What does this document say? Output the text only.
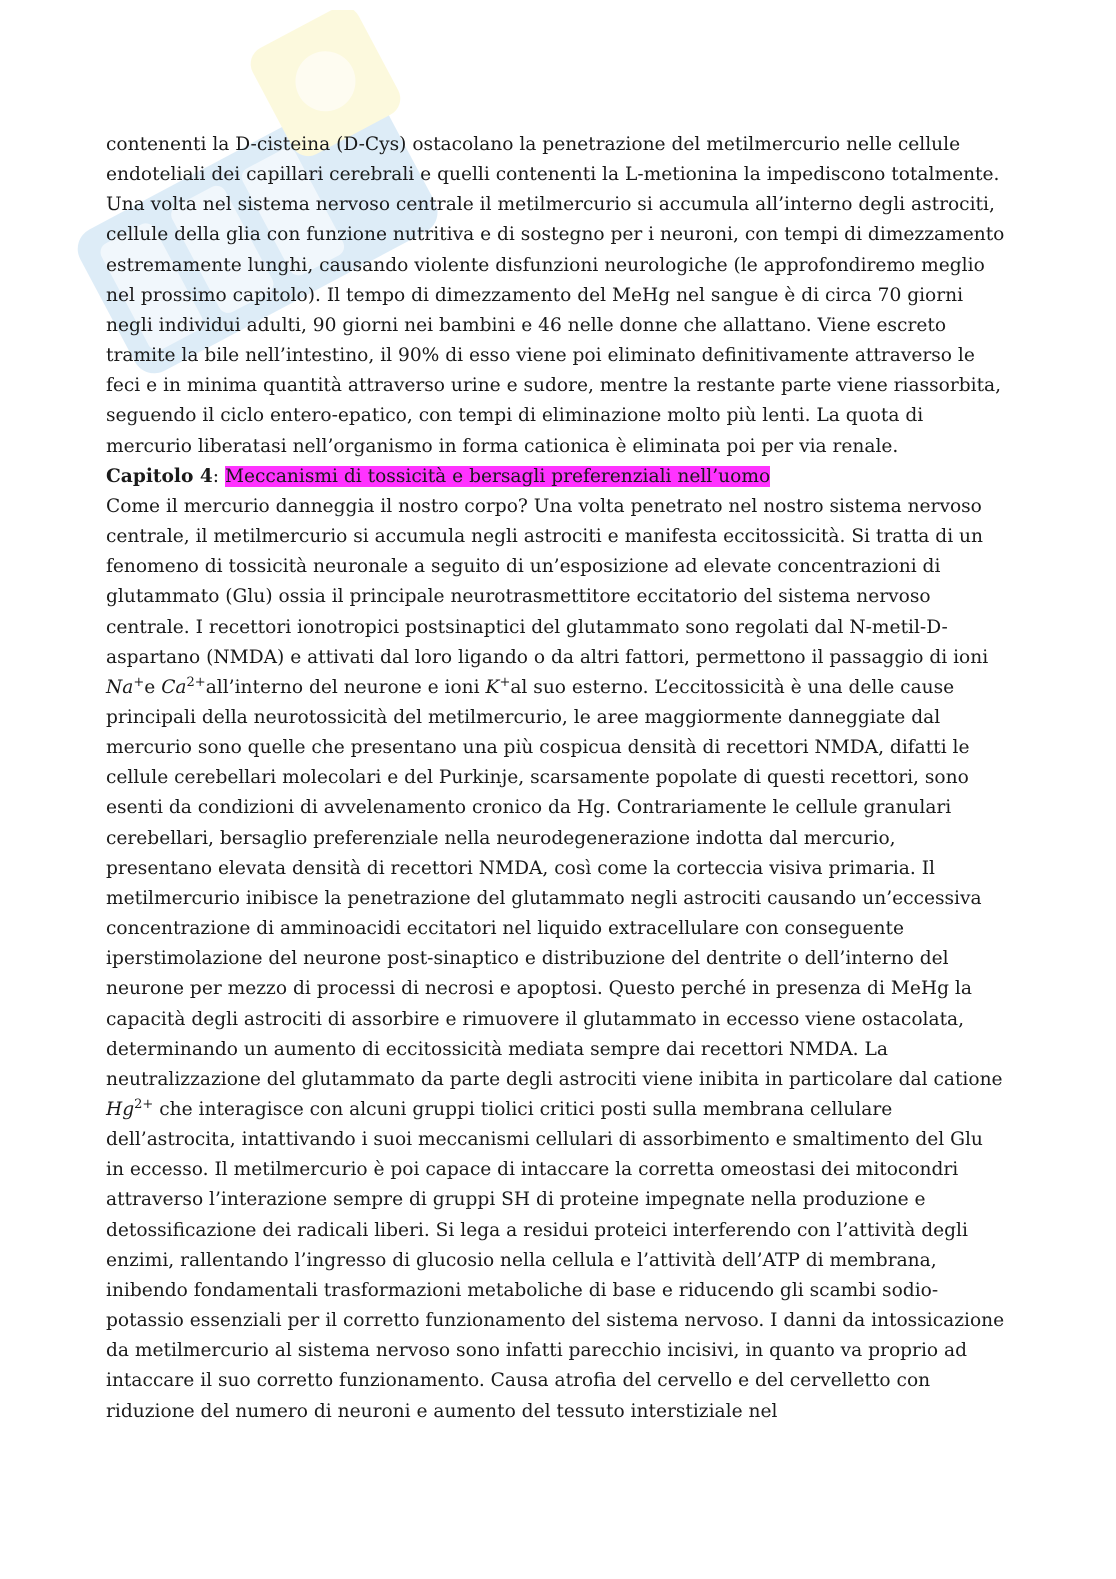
contenenti la D-cisteina (D-Cys) ostacolano la penetrazione del metilmercurio nelle cellule endoteliali dei capillari cerebrali e quelli contenenti la L-metionina la impediscono totalmente. Una volta nel sistema nervoso centrale il metilmercurio si accumula all’interno degli astrociti, cellule della glia con funzione nutritiva e di sostegno per i neuroni, con tempi di dimezzamento estremamente lunghi, causando violente disfunzioni neurologiche (le approfondiremo meglio nel prossimo capitolo). Il tempo di dimezzamento del MeHg nel sangue è di circa 70 giorni negli individui adulti, 90 giorni nei bambini e 46 nelle donne che allattano. Viene escreto tramite la bile nell’intestino, il 90% di esso viene poi eliminato definitivamente attraverso le feci e in minima quantità attraverso urine e sudore, mentre la restante parte viene riassorbita, seguendo il ciclo entero-epatico, con tempi di eliminazione molto più lenti. La quota di mercurio liberatasi nell’organismo in forma cationica è eliminata poi per via renale.

Capitolo 4: Meccanismi di tossicità e bersagli preferenziali nell’uomo

Come il mercurio danneggia il nostro corpo? Una volta penetrato nel nostro sistema nervoso centrale, il metilmercurio si accumula negli astrociti e manifesta eccitossicità. Si tratta di un fenomeno di tossicità neuronale a seguito di un’esposizione ad elevate concentrazioni di glutammato (Glu) ossia il principale neurotrasmettitore eccitatorio del sistema nervoso centrale. I recettori ionotropici postsinaptici del glutammato sono regolati dal N-metil-D-aspartano (NMDA) e attivati dal loro ligando o da altri fattori, permettono il passaggio di ioni Na+e $Ca^{2+}all’interno$ del neurone e ioni K+al suo esterno. L’eccitossicità è una delle cause principali della neurotossicità del metilmercurio, le aree maggiormente danneggiate dal mercurio sono quelle che presentano una più cospicua densità di recettori NMDA, difatti le cellule cerebellari molecolari e del Purkinje, scarsamente popolate di questi recettori, sono esenti da condizioni di avvelenamento cronico da Hg. Contrariamente le cellule granulari cerebellari, bersaglio preferenziale nella neurodegenerazione indotta dal mercurio, presentano elevata densità di recettori NMDA, così come la corteccia visiva primaria. Il metilmercurio inibisce la penetrazione del glutammato negli astrociti causando un’eccessiva concentrazione di amminoacidi eccitatori nel liquido extracellulare con conseguente iperstimolazione del neurone post-sinaptico e distribuzione del dentrite o dell’interno del neurone per mezzo di processi di necrosi e apoptosi. Questo perché in presenza di MeHg la capacità degli astrociti di assorbire e rimuovere il glutammato in eccesso viene ostacolata, determinando un aumento di eccitossicità mediata sempre dai recettori NMDA. La neutralizzazione del glutammato da parte degli astrociti viene inibita in particolare dal catione $Hg^{2+}$ che interagisce con alcuni gruppi tiolici critici posti sulla membrana cellulare dell’astrocita, intattivando i suoi meccanismi cellulari di assorbimento e smaltimento del Glu in eccesso. Il metilmercurio è poi capace di intaccare la corretta omeostasi dei mitocondri attraverso l’interazione sempre di gruppi SH di proteine impegnate nella produzione e detossificazione dei radicali liberi. Si lega a residui proteici interferendo con l’attività degli enzimi, rallentando l’ingresso di glucosio nella cellula e l’attività dell’ATP di membrana, inibendo fondamentali trasformazioni metaboliche di base e riducendo gli scambi sodio-potassio essenziali per il corretto funzionamento del sistema nervoso. I danni da intossicazione da metilmercurio al sistema nervoso sono infatti parecchio incisivi, in quanto va proprio ad intaccare il suo corretto funzionamento. Causa atrofia del cervello e del cervelletto con riduzione del numero di neuroni e aumento del tessuto interstiziale nel
